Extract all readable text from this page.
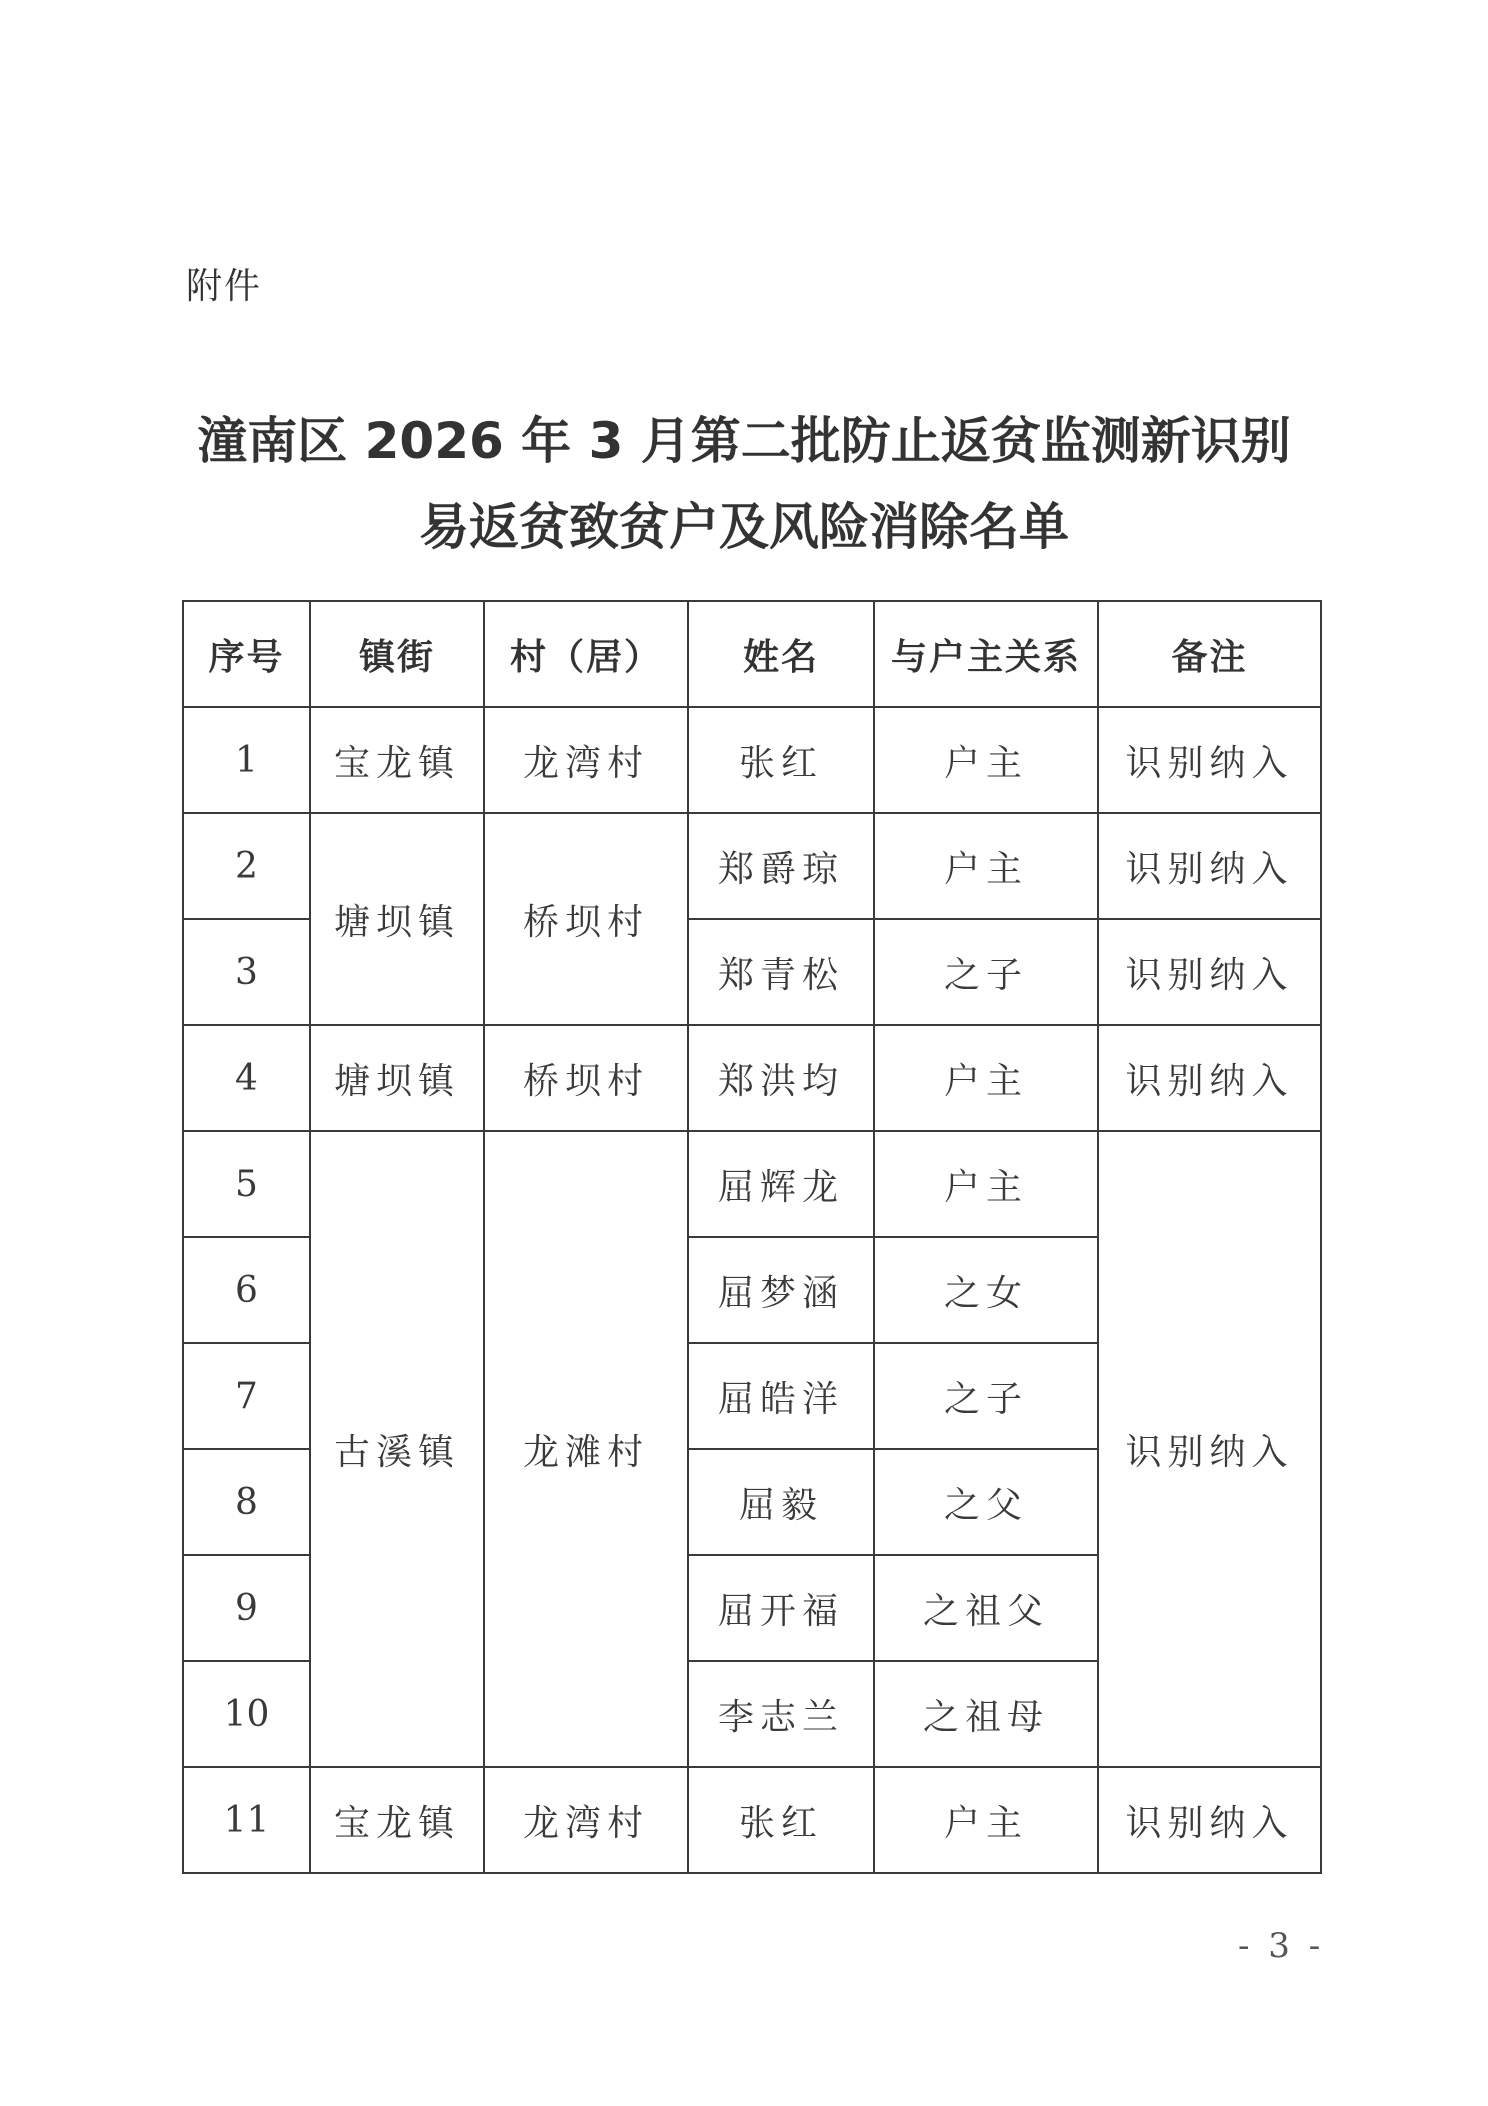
附件
潼南区 2026 年 3 月第二批防止返贫监测新识别
易返贫致贫户及风险消除名单
序号	镇街	村（居）	姓名	与户主关系	备注
1	宝龙镇	龙湾村	张红	户主	识别纳入
2	塘坝镇	桥坝村	郑爵琼	户主	识别纳入
3			郑青松	之子	识别纳入
4	塘坝镇	桥坝村	郑洪均	户主	识别纳入
5	古溪镇	龙滩村	屈辉龙	户主	识别纳入
6			屈梦涵	之女	
7			屈皓洋	之子	
8			屈毅	之父	
9			屈开福	之祖父	
10			李志兰	之祖母	
11	宝龙镇	龙湾村	张红	户主	识别纳入
- 3 -
